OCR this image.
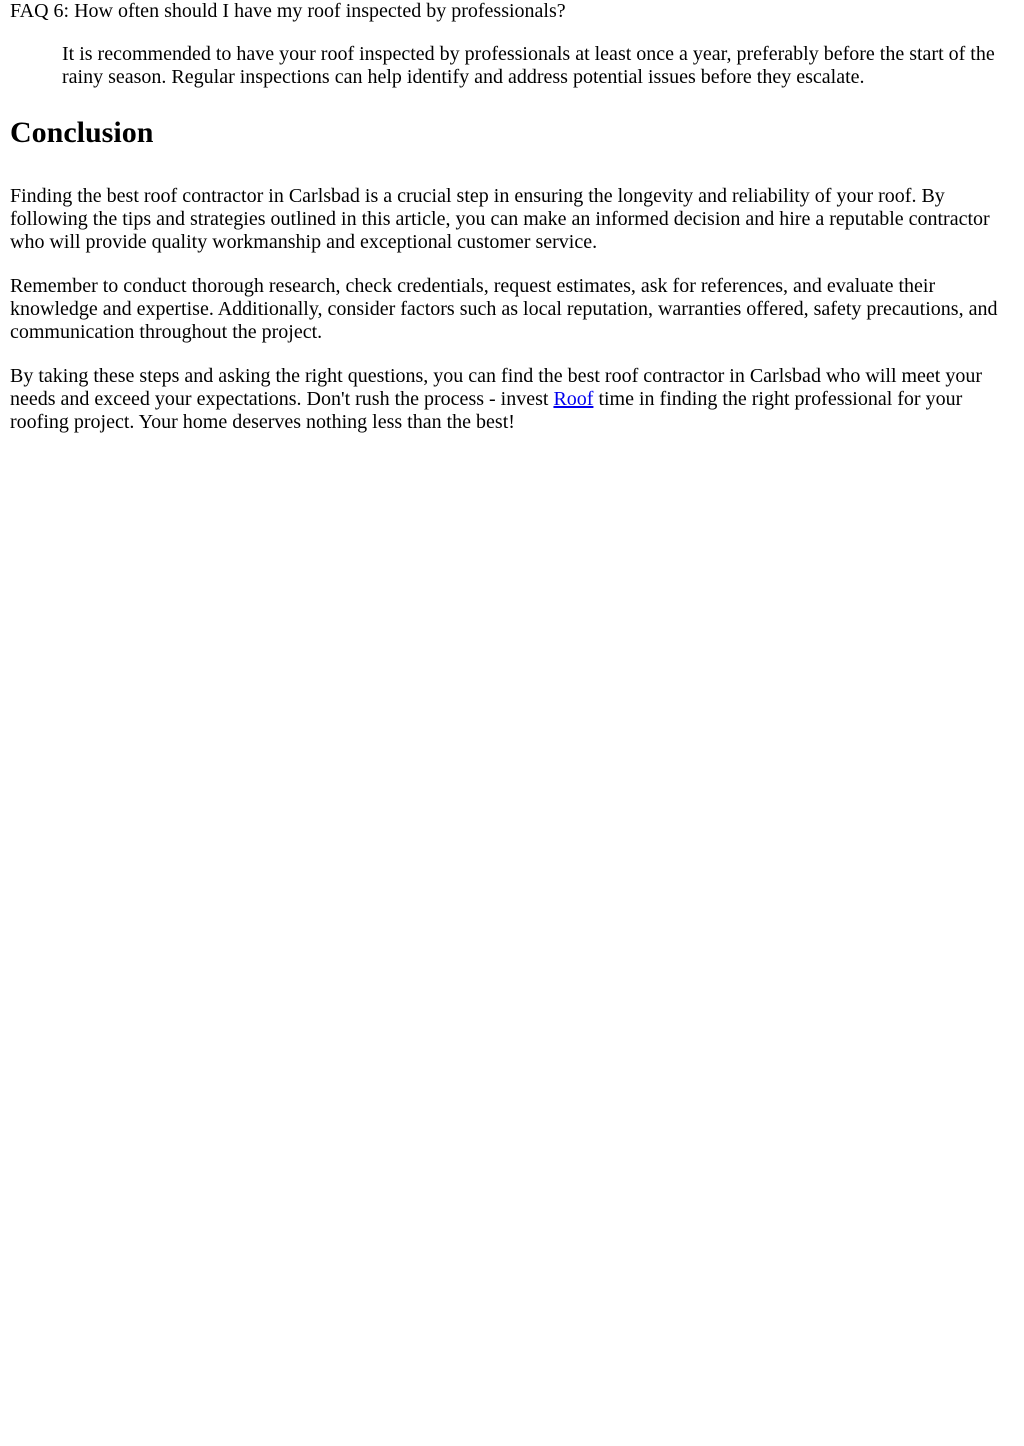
FAQ 6: How often should I have my roof inspected by professionals?

It is recommended to have your roof inspected by professionals at least once a year, preferably before the start of the rainy season. Regular inspections can help identify and address potential issues before they escalate.

Conclusion

Finding the best roof contractor in Carlsbad is a crucial step in ensuring the longevity and reliability of your roof. By following the tips and strategies outlined in this article, you can make an informed decision and hire a reputable contractor who will provide quality workmanship and exceptional customer service.

Remember to conduct thorough research, check credentials, request estimates, ask for references, and evaluate their knowledge and expertise. Additionally, consider factors such as local reputation, warranties offered, safety precautions, and communication throughout the project.

By taking these steps and asking the right questions, you can find the best roof contractor in Carlsbad who will meet your needs and exceed your expectations. Don't rush the process - invest Roof time in finding the right professional for your roofing project. Your home deserves nothing less than the best!
